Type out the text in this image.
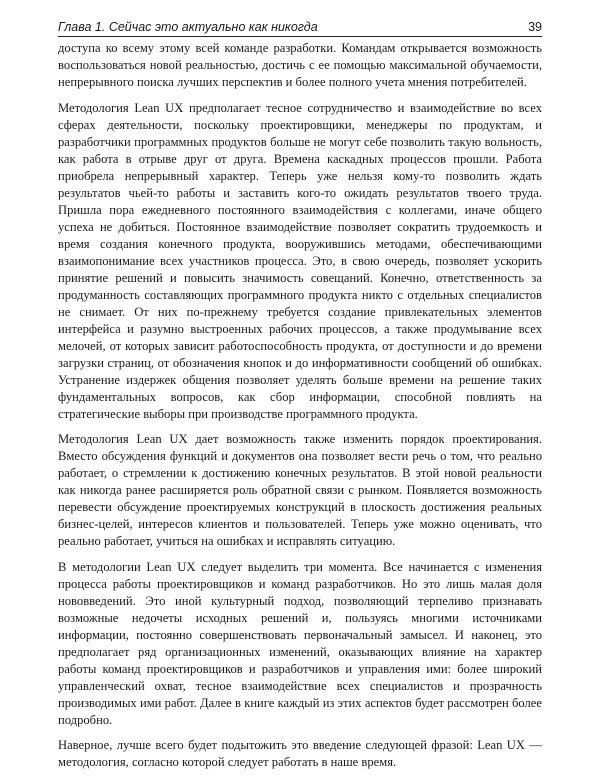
Глава 1. Сейчас это актуально как никогда	39

доступа ко всему этому всей команде разработки. Командам открывается возможность воспользоваться новой реальностью, достичь с ее помощью максимальной обучаемости, непрерывного поиска лучших перспектив и более полного учета мнения потребителей.

Методология Lean UX предполагает тесное сотрудничество и взаимодействие во всех сферах деятельности, поскольку проектировщики, менеджеры по продуктам, и разработчики программных продуктов больше не могут себе позволить такую вольность, как работа в отрыве друг от друга. Времена каскадных процессов прошли. Работа приобрела непрерывный характер. Теперь уже нельзя кому-то позволить ждать результатов чьей-то работы и заставить кого-то ожидать результатов твоего труда. Пришла пора ежедневного постоянного взаимодействия с коллегами, иначе общего успеха не добиться. Постоянное взаимодействие позволяет сократить трудоемкость и время создания конечного продукта, вооружившись методами, обеспечивающими взаимопонимание всех участников процесса. Это, в свою очередь, позволяет ускорить принятие решений и повысить значимость совещаний. Конечно, ответственность за продуманность составляющих программного продукта никто с отдельных специалистов не снимает. От них по-прежнему требуется создание привлекательных элементов интерфейса и разумно выстроенных рабочих процессов, а также продумывание всех мелочей, от которых зависит работоспособность продукта, от доступности и до времени загрузки страниц, от обозначения кнопок и до информативности сообщений об ошибках. Устранение издержек общения позволяет уделять больше времени на решение таких фундаментальных вопросов, как сбор информации, способной повлиять на стратегические выборы при производстве программного продукта.

Методология Lean UX дает возможность также изменить порядок проектирования. Вместо обсуждения функций и документов она позволяет вести речь о том, что реально работает, о стремлении к достижению конечных результатов. В этой новой реальности как никогда ранее расширяется роль обратной связи с рынком. Появляется возможность перевести обсуждение проектируемых конструкций в плоскость достижения реальных бизнес-целей, интересов клиентов и пользователей. Теперь уже можно оценивать, что реально работает, учиться на ошибках и исправлять ситуацию.

В методологии Lean UX следует выделить три момента. Все начинается с изменения процесса работы проектировщиков и команд разработчиков. Но это лишь малая доля нововведений. Это иной культурный подход, позволяющий терпеливо признавать возможные недочеты исходных решений и, пользуясь многими источниками информации, постоянно совершенствовать первоначальный замысел. И наконец, это предполагает ряд организационных изменений, оказывающих влияние на характер работы команд проектировщиков и разработчиков и управления ими: более широкий управленческий охват, тесное взаимодействие всех специалистов и прозрачность производимых ими работ. Далее в книге каждый из этих аспектов будет рассмотрен более подробно.

Наверное, лучше всего будет подытожить это введение следующей фразой: Lean UX — методология, согласно которой следует работать в наше время.
